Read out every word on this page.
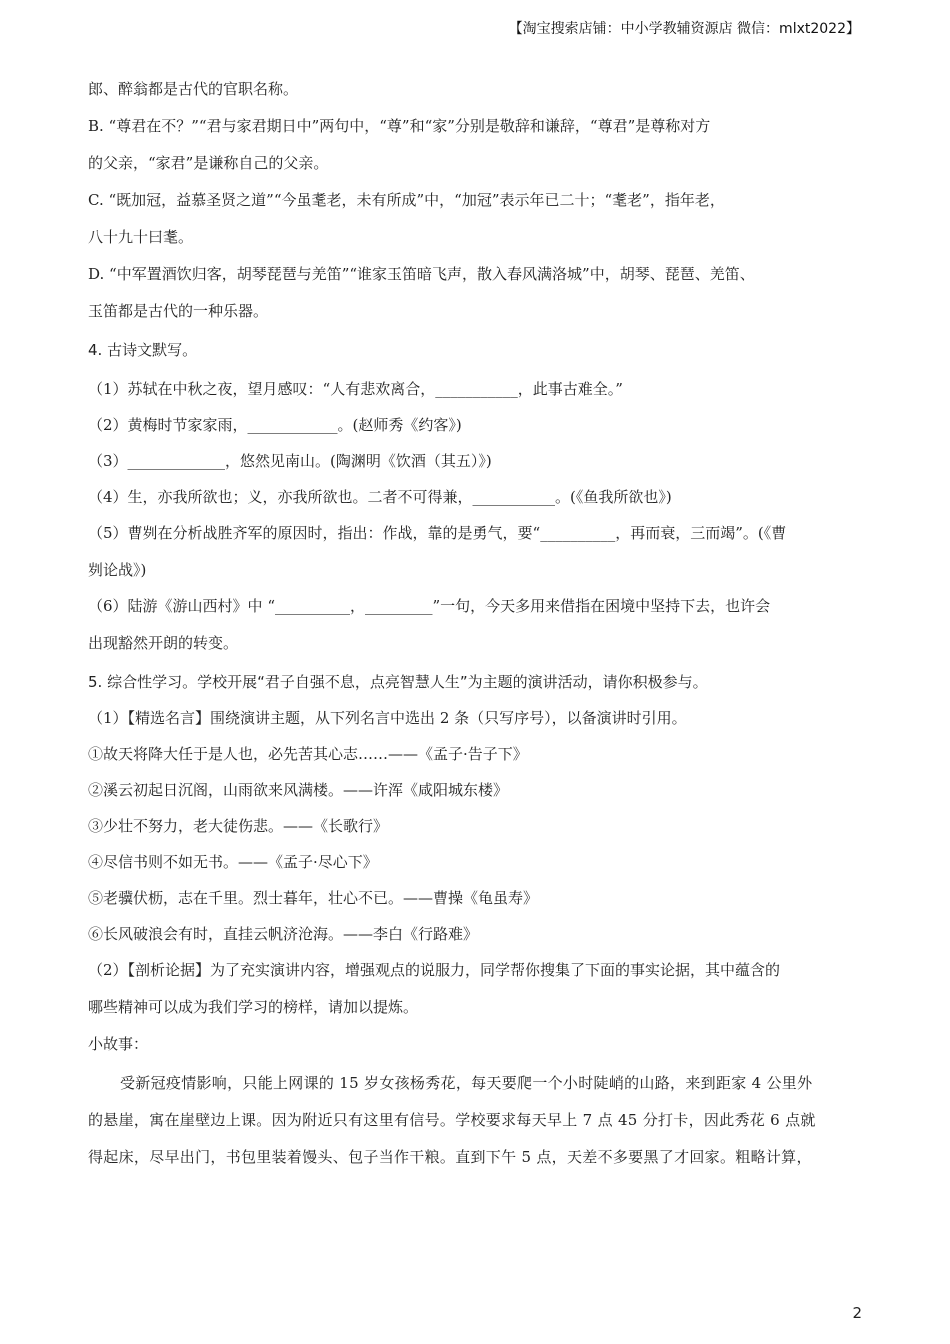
【淘宝搜索店铺：中小学教辅资源店 微信：mlxt2022】
郎、醉翁都是古代的官职名称。
B. “尊君在不？”“君与家君期日中”两句中，“尊”和“家”分别是敬辞和谦辞，“尊君”是尊称对方
的父亲，“家君”是谦称自己的父亲。
C. “既加冠，益慕圣贤之道”“今虽耄老，未有所成”中，“加冠”表示年已二十；“耄老”，指年老，
八十九十曰耄。
D. “中军置酒饮归客，胡琴琵琶与羌笛”“谁家玉笛暗飞声，散入春风满洛城”中，胡琴、琵琶、羌笛、
玉笛都是古代的一种乐器。
4. 古诗文默写。
（1）苏轼在中秋之夜，望月感叹：“人有悲欢离合，___________，此事古难全。”
（2）黄梅时节家家雨，____________。(赵师秀《约客》)
（3）_____________，悠然见南山。(陶渊明《饮酒（其五）》)
（4）生，亦我所欲也；义，亦我所欲也。二者不可得兼，___________。(《鱼我所欲也》)
（5）曹刿在分析战胜齐军的原因时，指出：作战，靠的是勇气，要“__________，再而衰，三而竭”。(《曹
刿论战》)
（6）陆游《游山西村》中 “__________，_________”一句，今天多用来借指在困境中坚持下去，也许会
出现豁然开朗的转变。
5. 综合性学习。学校开展“君子自强不息，点亮智慧人生”为主题的演讲活动，请你积极参与。
（1）【精选名言】围绕演讲主题，从下列名言中选出 2 条（只写序号），以备演讲时引用。
①故天将降大任于是人也，必先苦其心志……——《孟子·告子下》
②溪云初起日沉阁，山雨欲来风满楼。——许浑《咸阳城东楼》
③少壮不努力，老大徒伤悲。——《长歌行》
④尽信书则不如无书。——《孟子·尽心下》
⑤老骥伏枥，志在千里。烈士暮年，壮心不已。——曹操《龟虽寿》
⑥长风破浪会有时，直挂云帆济沧海。——李白《行路难》
（2）【剖析论据】为了充实演讲内容，增强观点的说服力，同学帮你搜集了下面的事实论据，其中蕴含的
哪些精神可以成为我们学习的榜样，请加以提炼。
小故事：
受新冠疫情影响，只能上网课的 15 岁女孩杨秀花，每天要爬一个小时陡峭的山路，来到距家 4 公里外
的悬崖，寓在崖壁边上课。因为附近只有这里有信号。学校要求每天早上 7 点 45 分打卡，因此秀花 6 点就
得起床，尽早出门，书包里装着馒头、包子当作干粮。直到下午 5 点，天差不多要黑了才回家。粗略计算，
2
